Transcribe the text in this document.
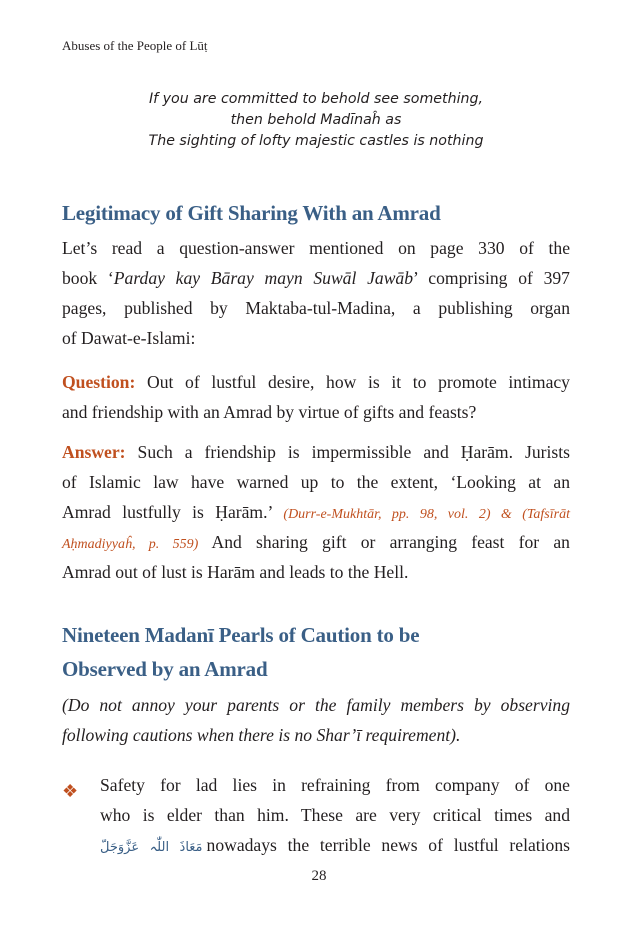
Abuses of the People of Lūṭ
If you are committed to behold see something,
then behold Madīnaĥ as
The sighting of lofty majestic castles is nothing
Legitimacy of Gift Sharing With an Amrad
Let’s read a question-answer mentioned on page 330 of the
book ‘Parday kay Bāray mayn Suwāl Jawāb’ comprising of 397
pages, published by Maktaba-tul-Madina, a publishing organ
of Dawat-e-Islami:
Question: Out of lustful desire, how is it to promote intimacy
and friendship with an Amrad by virtue of gifts and feasts?
Answer: Such a friendship is impermissible and Ḥarām. Jurists
of Islamic law have warned up to the extent, ‘Looking at an
Amrad lustfully is Ḥarām.’ (Durr-e-Mukhtār, pp. 98, vol. 2) & (Tafsīrāt
Aḥmadiyyaĥ, p. 559) And sharing gift or arranging feast for an
Amrad out of lust is Harām and leads to the Hell.
Nineteen Madanī Pearls of Caution to be
Observed by an Amrad
(Do not annoy your parents or the family members by observing
following cautions when there is no Shar’ī requirement).
❖ Safety for lad lies in refraining from company of one
who is elder than him. These are very critical times and
مَعَاذَ اللّٰہ عَزَّوَجَلّ nowadays the terrible news of lustful relations
28
